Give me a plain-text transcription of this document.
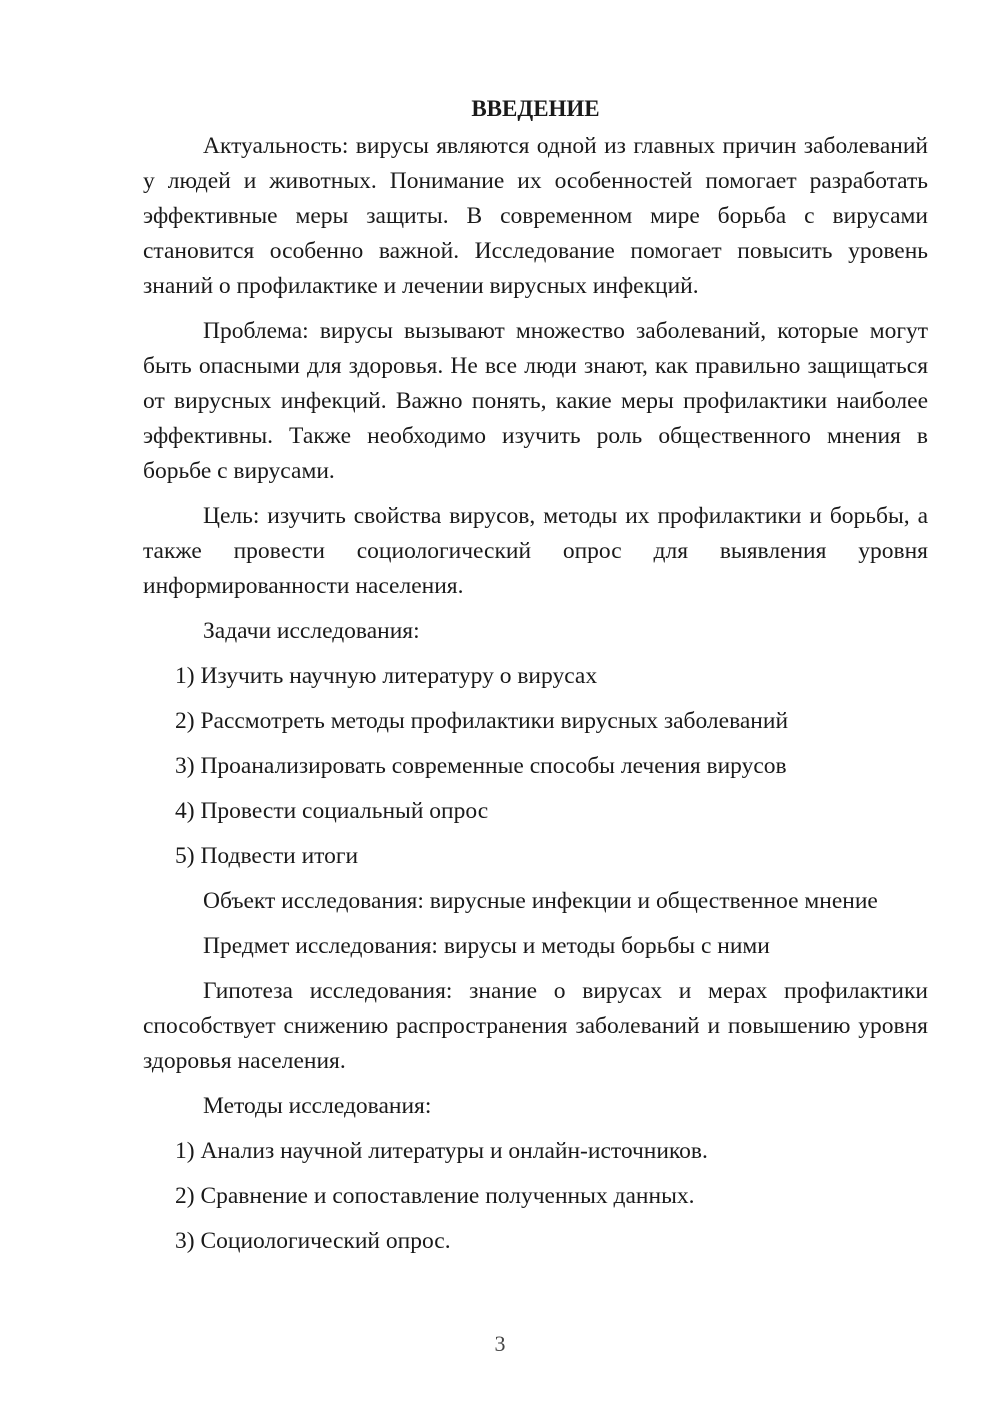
ВВЕДЕНИЕ

Актуальность: вирусы являются одной из главных причин заболеваний у людей и животных. Понимание их особенностей помогает разработать эффективные меры защиты. В современном мире борьба с вирусами становится особенно важной. Исследование помогает повысить уровень знаний о профилактике и лечении вирусных инфекций.

Проблема: вирусы вызывают множество заболеваний, которые могут быть опасными для здоровья. Не все люди знают, как правильно защищаться от вирусных инфекций. Важно понять, какие меры профилактики наиболее эффективны. Также необходимо изучить роль общественного мнения в борьбе с вирусами.

Цель: изучить свойства вирусов, методы их профилактики и борьбы, а также провести социологический опрос для выявления уровня информированности населения.

Задачи исследования:
1) Изучить научную литературу о вирусах
2) Рассмотреть методы профилактики вирусных заболеваний
3) Проанализировать современные способы лечения вирусов
4) Провести социальный опрос
5) Подвести итоги
Объект исследования: вирусные инфекции и общественное мнение
Предмет исследования: вирусы и методы борьбы с ними

Гипотеза исследования: знание о вирусах и мерах профилактики способствует снижению распространения заболеваний и повышению уровня здоровья населения.

Методы исследования:
1) Анализ научной литературы и онлайн-источников.
2) Сравнение и сопоставление полученных данных.
3) Социологический опрос.
3
